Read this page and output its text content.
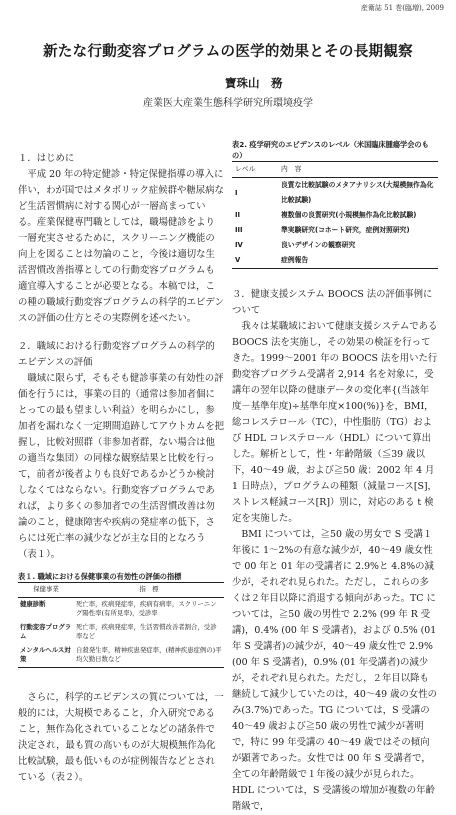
産衛誌 51 巻(臨増), 2009
新たな行動変容プログラムの医学的効果とその長期観察
寶珠山　務
産業医大産業生態科学研究所環境疫学

１．はじめに

平成 20 年の特定健診・特定保健指導の導入に伴い，わが国ではメタボリック症候群や糖尿病など生活習慣病に対する関心が一層高まっている。産業保健専門職としては，職場健診をより一層充実させるために，スクリーニング機能の向上を図ることは勿論のこと，今後は適切な生活習慣改善指導としての行動変容プログラムも適宜導入することが必要となる。本稿では，この種の職域行動変容プログラムの科学的エビデンスの評価の仕方とその実際例を述べたい。

２．職域における行動変容プログラムの科学的エビデンスの評価

職域に限らず，そもそも健診事業の有効性の評価を行うには，事業の目的（通常は参加者個にとっての最も望ましい利益）を明らかにし，参加者を漏れなく一定期間追跡してアウトカムを把握し，比較対照群（非参加者群，ない場合は他の適当な集団）の同様な観察結果と比較を行って，前者が後者よりも良好であるかどうか検討しなくてはならない。行動変容プログラムであれば，より多くの参加者での生活習慣改善は勿論のこと，健康障害や疾病の発症率の低下，さらには死亡率の減少などが主な目的となろう（表１）。

表１. 職域における保健事業の有効性の評価の指標
保健事業	指　標
健康診断	死亡率，疾病発症率，疾病有病率，スクリーニング陽性率(有所見率)，受診率
行動変容プログラム	死亡率，疾病発症率，生活習慣改善者割合，受診率など
メンタルヘルス対策	自殺発生率，精神疾患発症率，(精神疾患症例の)平均欠勤日数など

さらに，科学的エビデンスの質については，一般的には，大規模であること，介入研究であること，無作為化されていることなどの諸条件で決定され，最も質の高いものが大規模無作為化比較試験，最も低いものが症例報告などとされている（表２）。

表2. 疫学研究のエビデンスのレベル（米国臨床腫瘍学会のもの）
レベル	内　容
I	良質な比較試験のメタアナリシス(大規模無作為化比較試験)
II	複数個の良質研究(小規模無作為化比較試験)
III	準実験研究(コホート研究，症例対照研究)
IV	良いデザインの観察研究
V	症例報告

３．健康支援システム BOOCS 法の評価事例について

我々は某職域において健康支援システムである BOOCS 法を実施し，その効果の検証を行ってきた。1999～2001 年の BOOCS 法を用いた行動変容プログラム受講者 2,914 名を対象に，受講年の翌年以降の健康データの変化率{(当該年度－基準年度)÷基準年度×100(%)}を，BMI，総コレステロール（TC），中性脂肪（TG）および HDL コレステロール（HDL）について算出した。解析として，性・年齢階級（≦39 歳以下，40～49 歳，および≧50 歳：2002 年 4 月 1 日時点），プログラムの種類（減量コース[S]，ストレス軽減コース[R]）別に，対応のある t 検定を実施した。

BMI については，≧50 歳の男女で S 受講１年後に 1～2%の有意な減少が，40～49 歳女性で 00 年と 01 年の受講者に 2.9%と 4.8%の減少が，それぞれ見られた。ただし，これらの多くは２年目以降に消退する傾向があった。TC については，≧50 歳の男性で 2.2% (99 年 R 受講)，0.4% (00 年 S 受講者)，および 0.5% (01 年 S 受講者)の減少が，40～49 歳女性で 2.9% (00 年 S 受講者)，0.9% (01 年受講者)の減少が，それぞれ見られた。ただし，２年目以降も継続して減少していたのは，40～49 歳の女性のみ(3.7%)であった。TG については，S 受講の 40～49 歳および≧50 歳の男性で減少が著明で，特に 99 年受講の 40～49 歳ではその傾向が顕著であった。女性では 00 年 S 受講者で，全ての年齢階級で１年後の減少が見られた。HDL については，S 受講後の増加が複数の年齢階級で，
